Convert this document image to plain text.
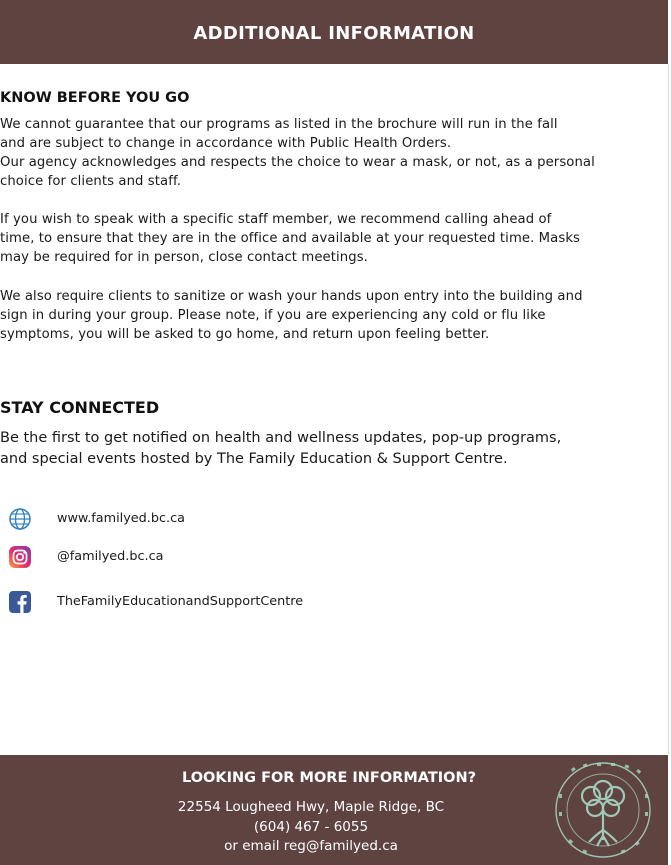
ADDITIONAL INFORMATION
KNOW BEFORE YOU GO
We cannot guarantee that our programs as listed in the brochure will run in the fall
and are subject to change in accordance with Public Health Orders.
Our agency acknowledges and respects the choice to wear a mask, or not, as a personal
choice for clients and staff.
If you wish to speak with a specific staff member, we recommend calling ahead of
time, to ensure that they are in the office and available at your requested time. Masks
may be required for in person, close contact meetings.
We also require clients to sanitize or wash your hands upon entry into the building and
sign in during your group. Please note, if you are experiencing any cold or flu like
symptoms, you will be asked to go home, and return upon feeling better.
STAY CONNECTED
Be the first to get notified on health and wellness updates, pop-up programs,
and special events hosted by The Family Education & Support Centre.
www.familyed.bc.ca
@familyed.bc.ca
TheFamilyEducationandSupportCentre
LOOKING FOR MORE INFORMATION?
22554 Lougheed Hwy, Maple Ridge, BC
(604) 467 - 6055
or email reg@familyed.ca
